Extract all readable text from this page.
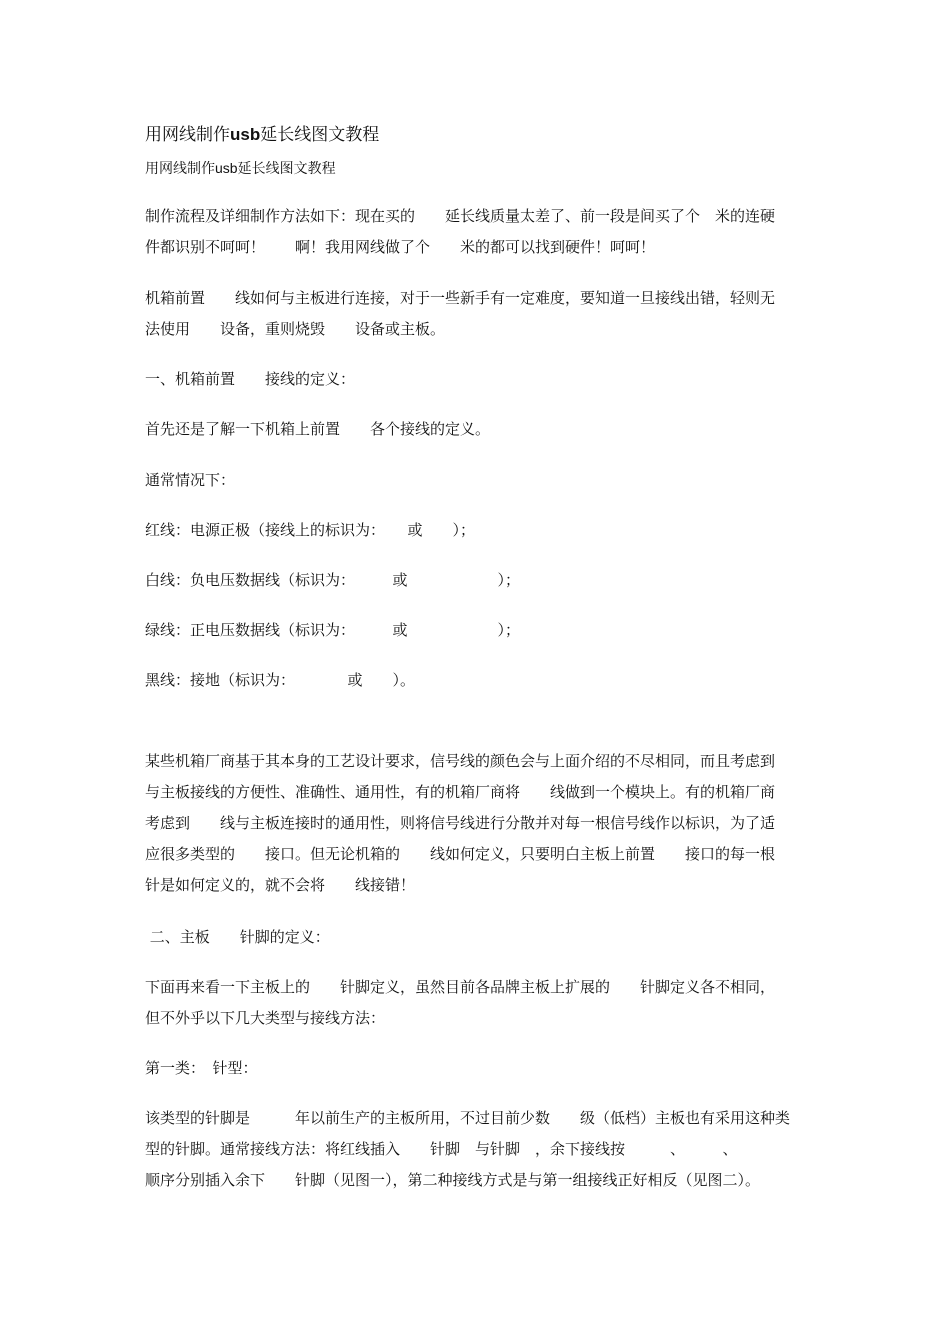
用网线制作usb延长线图文教程
用网线制作usb延长线图文教程
制作流程及详细制作方法如下：现在买的　　延长线质量太差了、前一段是间买了个　米的连硬
件都识别不呵呵！　　啊！我用网线做了个　　米的都可以找到硬件！呵呵！
机箱前置　　线如何与主板进行连接，对于一些新手有一定难度，要知道一旦接线出错，轻则无
法使用　　设备，重则烧毁　　设备或主板。
一、机箱前置　　接线的定义：
首先还是了解一下机箱上前置　　各个接线的定义。
通常情况下：
红线：电源正极（接线上的标识为：　　或　　）；
白线：负电压数据线（标识为：　　　或　　　　　　）；
绿线：正电压数据线（标识为：　　　或　　　　　　）；
黑线：接地（标识为：　　　　或　　）。
某些机箱厂商基于其本身的工艺设计要求，信号线的颜色会与上面介绍的不尽相同，而且考虑到
与主板接线的方便性、准确性、通用性，有的机箱厂商将　　线做到一个模块上。有的机箱厂商
考虑到　　线与主板连接时的通用性，则将信号线进行分散并对每一根信号线作以标识，为了适
应很多类型的　　接口。但无论机箱的　　线如何定义，只要明白主板上前置　　接口的每一根
针是如何定义的，就不会将　　线接错！
二、主板　　针脚的定义：
下面再来看一下主板上的　　针脚定义，虽然目前各品牌主板上扩展的　　针脚定义各不相同，
但不外乎以下几大类型与接线方法：
第一类：　针型：
该类型的针脚是　　　年以前生产的主板所用，不过目前少数　　级（低档）主板也有采用这种类
型的针脚。通常接线方法：将红线插入　　针脚　与针脚　，余下接线按　　　、　　　、
顺序分别插入余下　　针脚（见图一），第二种接线方式是与第一组接线正好相反（见图二）。
